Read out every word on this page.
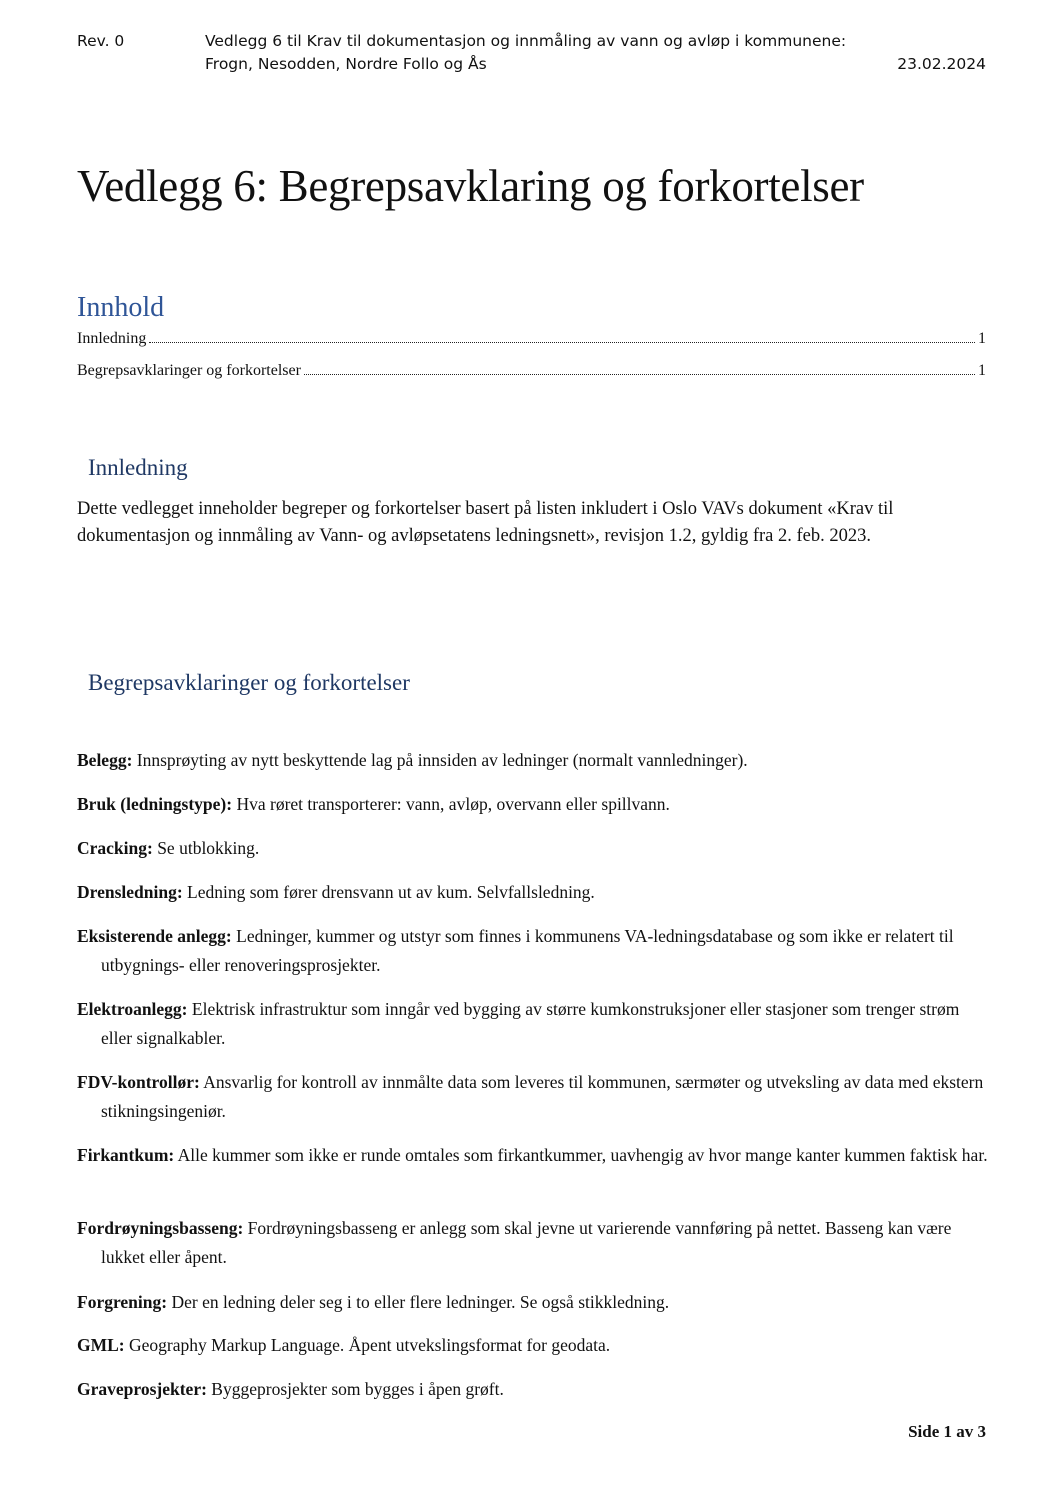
Rev. 0	Vedlegg 6 til Krav til dokumentasjon og innmåling av vann og avløp i kommunene:
Frogn, Nesodden, Nordre Follo og Ås	23.02.2024
Vedlegg 6: Begrepsavklaring og forkortelser
Innhold
Innledning	1
Begrepsavklaringer og forkortelser	1
Innledning
Dette vedlegget inneholder begreper og forkortelser basert på listen inkludert i Oslo VAVs dokument «Krav til dokumentasjon og innmåling av Vann- og avløpsetatens ledningsnett», revisjon 1.2, gyldig fra 2. feb. 2023.
Begrepsavklaringer og forkortelser
Belegg: Innsprøyting av nytt beskyttende lag på innsiden av ledninger (normalt vannledninger).
Bruk (ledningstype): Hva røret transporterer: vann, avløp, overvann eller spillvann.
Cracking: Se utblokking.
Drensledning: Ledning som fører drensvann ut av kum. Selvfallsledning.
Eksisterende anlegg: Ledninger, kummer og utstyr som finnes i kommunens VA-ledningsdatabase og som ikke er relatert til utbygnings- eller renoveringsprosjekter.
Elektroanlegg: Elektrisk infrastruktur som inngår ved bygging av større kumkonstruksjoner eller stasjoner som trenger strøm eller signalkabler.
FDV-kontrollør: Ansvarlig for kontroll av innmålte data som leveres til kommunen, særmøter og utveksling av data med ekstern stikningsingeniør.
Firkantkum: Alle kummer som ikke er runde omtales som firkantkummer, uavhengig av hvor mange kanter kummen faktisk har.
Fordrøyningsbasseng: Fordrøyningsbasseng er anlegg som skal jevne ut varierende vannføring på nettet. Basseng kan være lukket eller åpent.
Forgrening: Der en ledning deler seg i to eller flere ledninger. Se også stikkledning.
GML: Geography Markup Language. Åpent utvekslingsformat for geodata.
Graveprosjekter: Byggeprosjekter som bygges i åpen grøft.
Side 1 av 3
